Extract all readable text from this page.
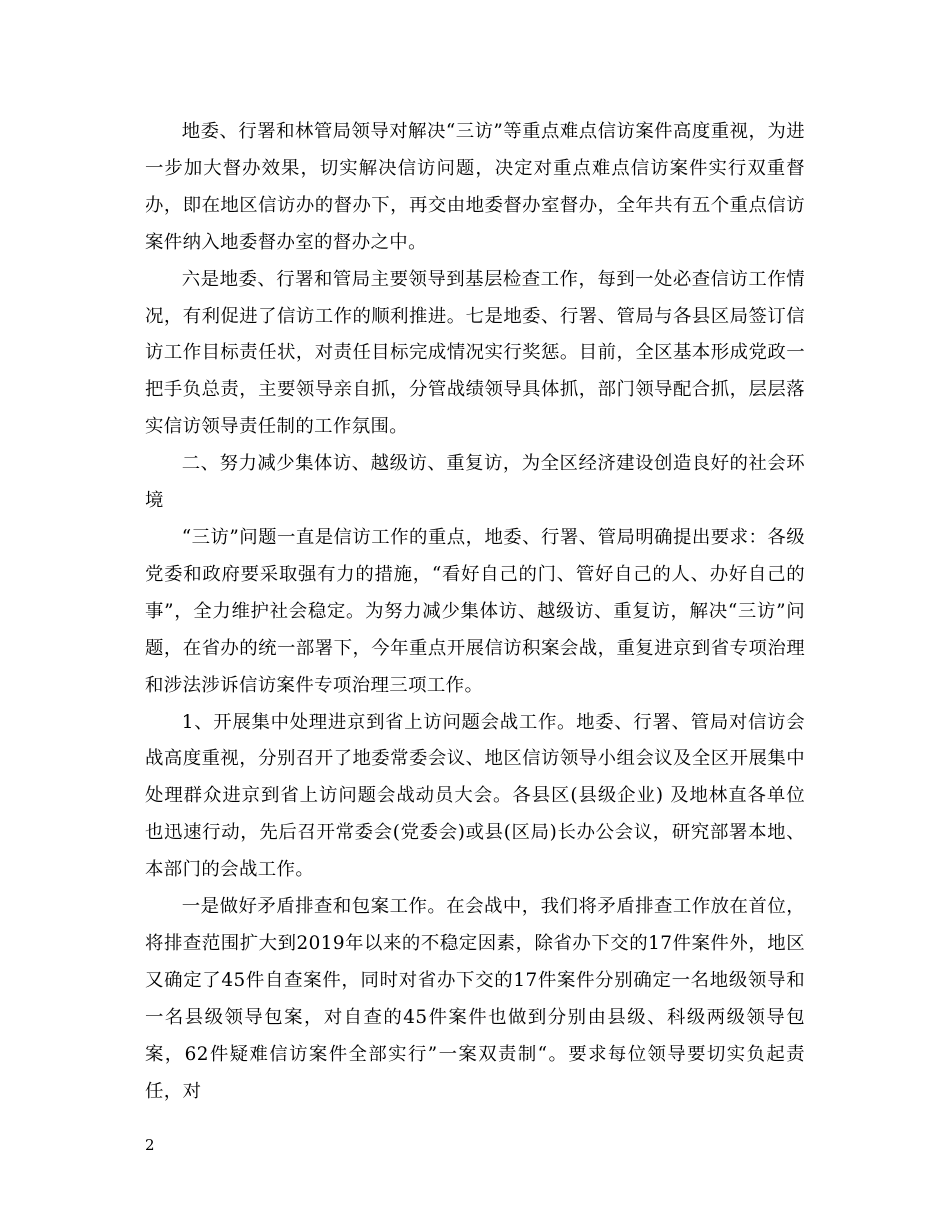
地委、行署和林管局领导对解决“三访”等重点难点信访案件高度重视，为进一步加大督办效果，切实解决信访问题，决定对重点难点信访案件实行双重督办，即在地区信访办的督办下，再交由地委督办室督办，全年共有五个重点信访案件纳入地委督办室的督办之中。

六是地委、行署和管局主要领导到基层检查工作，每到一处必查信访工作情况，有利促进了信访工作的顺利推进。七是地委、行署、管局与各县区局签订信访工作目标责任状，对责任目标完成情况实行奖惩。目前，全区基本形成党政一把手负总责，主要领导亲自抓，分管战绩领导具体抓，部门领导配合抓，层层落实信访领导责任制的工作氛围。

二、努力减少集体访、越级访、重复访，为全区经济建设创造良好的社会环境

“三访”问题一直是信访工作的重点，地委、行署、管局明确提出要求：各级党委和政府要采取强有力的措施，“看好自己的门、管好自己的人、办好自己的事”，全力维护社会稳定。为努力减少集体访、越级访、重复访，解决“三访”问题，在省办的统一部署下，今年重点开展信访积案会战，重复进京到省专项治理和涉法涉诉信访案件专项治理三项工作。

1、开展集中处理进京到省上访问题会战工作。地委、行署、管局对信访会战高度重视，分别召开了地委常委会议、地区信访领导小组会议及全区开展集中处理群众进京到省上访问题会战动员大会。各县区(县级企业) 及地林直各单位也迅速行动，先后召开常委会(党委会)或县(区局)长办公会议，研究部署本地、本部门的会战工作。

一是做好矛盾排查和包案工作。在会战中，我们将矛盾排查工作放在首位，将排查范围扩大到2019年以来的不稳定因素，除省办下交的17件案件外，地区又确定了45件自查案件，同时对省办下交的17件案件分别确定一名地级领导和一名县级领导包案，对自查的45件案件也做到分别由县级、科级两级领导包案，62件疑难信访案件全部实行”一案双责制“。要求每位领导要切实负起责任，对

2
